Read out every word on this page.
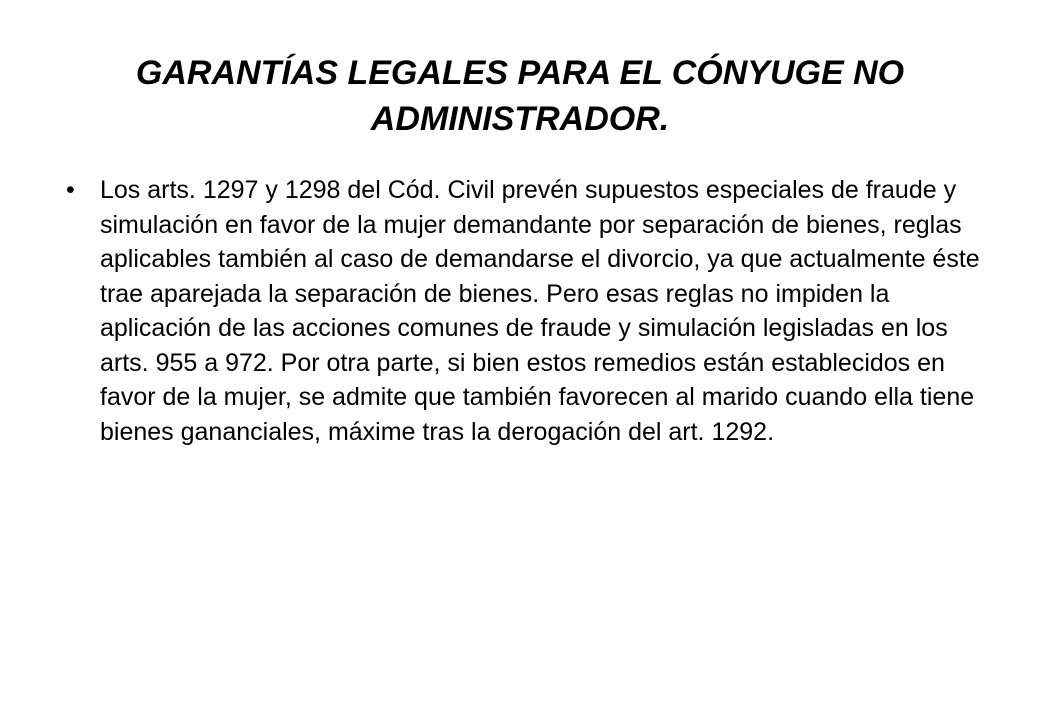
GARANTÍAS LEGALES PARA EL CÓNYUGE NO ADMINISTRADOR.
• Los arts. 1297 y 1298 del Cód. Civil prevén supuestos especiales de fraude y simulación en favor de la mujer demandante por separación de bienes, reglas aplicables también al caso de demandarse el divorcio, ya que actualmente éste trae aparejada la separación de bienes. Pero esas reglas no impiden la aplicación de las acciones comunes de fraude y simulación legisladas en los arts. 955 a 972. Por otra parte, si bien estos remedios están establecidos en favor de la mujer, se admite que también favorecen al marido cuando ella tiene bienes gananciales, máxime tras la derogación del art. 1292.
